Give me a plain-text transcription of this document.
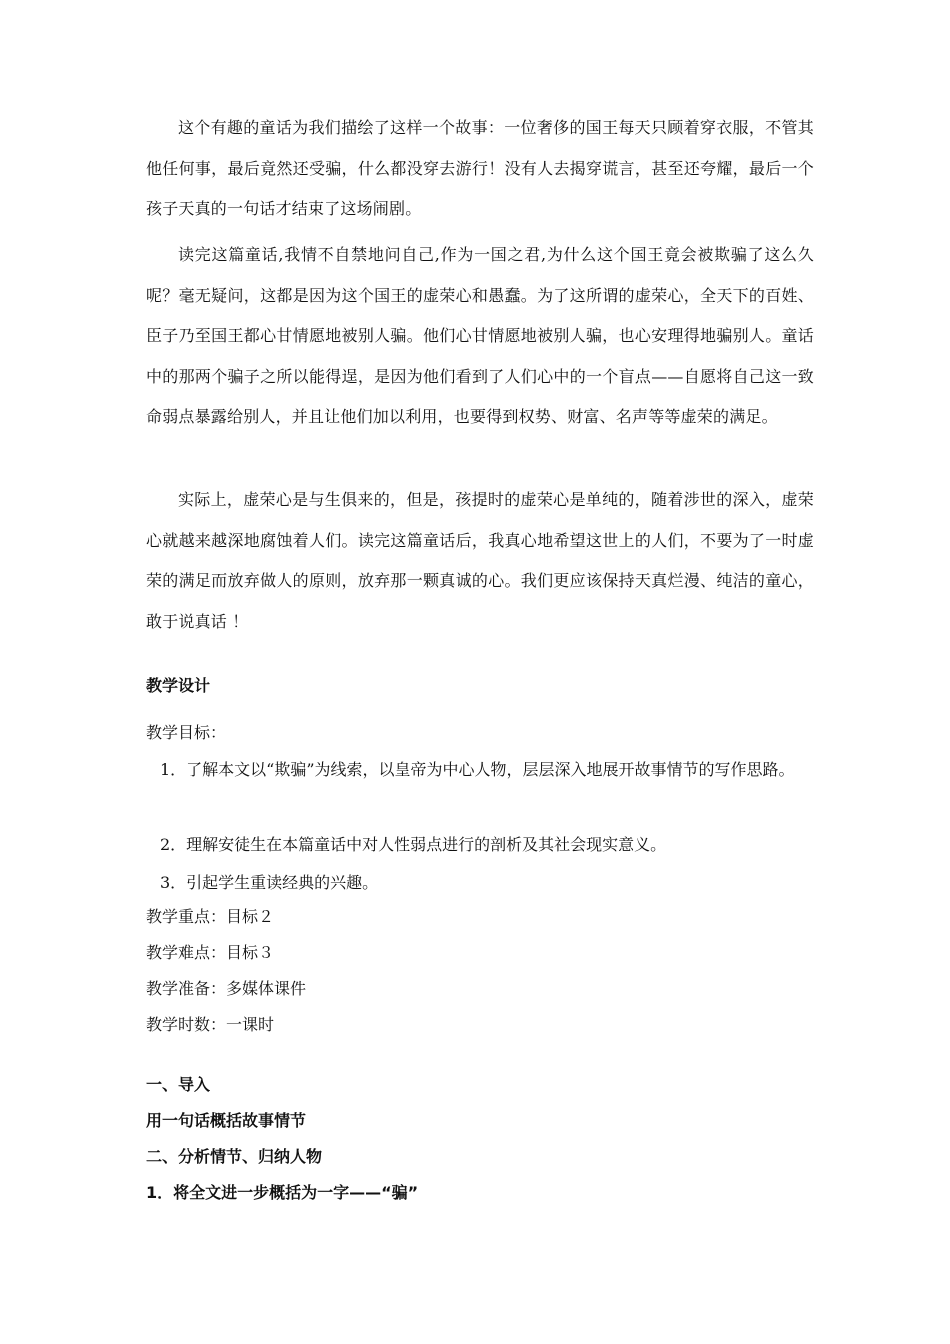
这个有趣的童话为我们描绘了这样一个故事：一位奢侈的国王每天只顾着穿衣服，不管其他任何事，最后竟然还受骗，什么都没穿去游行！没有人去揭穿谎言，甚至还夸耀，最后一个孩子天真的一句话才结束了这场闹剧。

读完这篇童话,我情不自禁地问自己,作为一国之君,为什么这个国王竟会被欺骗了这么久呢？毫无疑问，这都是因为这个国王的虚荣心和愚蠢。为了这所谓的虚荣心，全天下的百姓、臣子乃至国王都心甘情愿地被别人骗。他们心甘情愿地被别人骗，也心安理得地骗别人。童话中的那两个骗子之所以能得逞，是因为他们看到了人们心中的一个盲点——自愿将自己这一致命弱点暴露给别人，并且让他们加以利用，也要得到权势、财富、名声等等虚荣的满足。

实际上，虚荣心是与生俱来的，但是，孩提时的虚荣心是单纯的，随着涉世的深入，虚荣心就越来越深地腐蚀着人们。读完这篇童话后，我真心地希望这世上的人们，不要为了一时虚荣的满足而放弃做人的原则，放弃那一颗真诚的心。我们更应该保持天真烂漫、纯洁的童心，敢于说真话 ！

教学设计
教学目标：

1．了解本文以“欺骗”为线索，以皇帝为中心人物，层层深入地展开故事情节的写作思路。

2．理解安徒生在本篇童话中对人性弱点进行的剖析及其社会现实意义。
3．引起学生重读经典的兴趣。
教学重点：目标２
教学难点：目标３
教学准备：多媒体课件
教学时数：一课时
一、导入
用一句话概括故事情节
二、分析情节、归纳人物
1．将全文进一步概括为一字——“骗”
